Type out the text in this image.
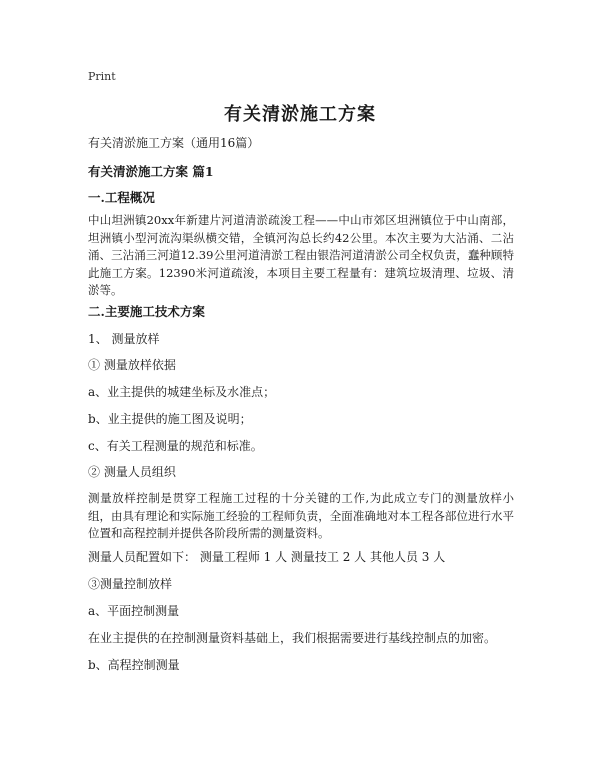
Print
有关清淤施工方案

有关清淤施工方案（通用16篇）

有关清淤施工方案 篇1

一.工程概况

中山坦洲镇20xx年新建片河道清淤疏浚工程——中山市郊区坦洲镇位于中山南部，坦洲镇小型河流沟渠纵横交错，全镇河沟总长约42公里。本次主要为大沾涌、二沾涌、三沾涌三河道12.39公里河道清淤工程由银浩河道清淤公司全权负责，蠢种顾特此施工方案。12390米河道疏浚，本项目主要工程量有：建筑垃圾清理、垃圾、清淤等。

二.主要施工技术方案

1、 测量放样

① 测量放样依据

a、业主提供的城建坐标及水准点；

b、业主提供的施工图及说明；

c、有关工程测量的规范和标准。

② 测量人员组织

测量放样控制是贯穿工程施工过程的十分关键的工作,为此成立专门的测量放样小组，由具有理论和实际施工经验的工程师负责，全面准确地对本工程各部位进行水平位置和高程控制并提供各阶段所需的测量资料。

测量人员配置如下： 测量工程师 1 人 测量技工 2 人 其他人员 3 人

③测量控制放样

a、平面控制测量

在业主提供的在控制测量资料基础上，我们根据需要进行基线控制点的加密。

b、高程控制测量
